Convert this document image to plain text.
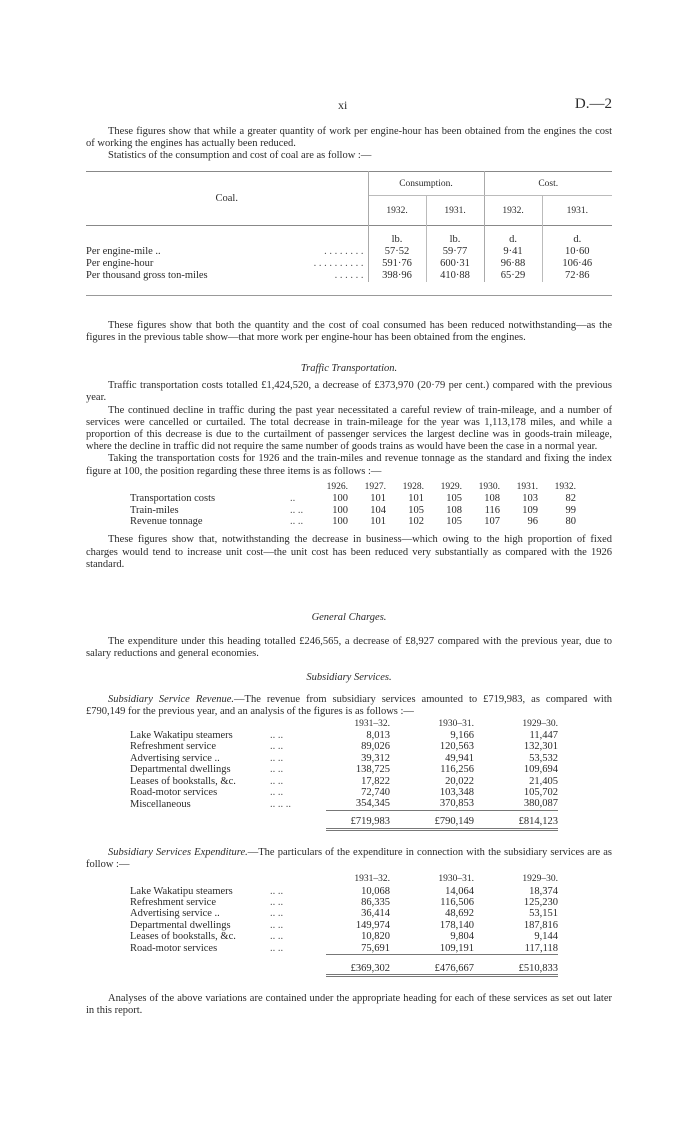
xi	D.—2

These figures show that while a greater quantity of work per engine-hour has been obtained from the engines the cost of working the engines has actually been reduced.

Statistics of the consumption and cost of coal are as follow :—

Coal.	Consumption.		Cost.	
	1932.	1931.	1932.	1931.
	lb.	lb.	d.	d.
Per engine-mile .. . . . . . . . .	57·52	59·77	9·41	10·60
Per engine-hour . . . . . . . . . .	591·76	600·31	96·88	106·46
Per thousand gross ton-miles . . . . . .	398·96	410·88	65·29	72·86

These figures show that both the quantity and the cost of coal consumed has been reduced notwithstanding—as the figures in the previous table show—that more work per engine-hour has been obtained from the engines.

Traffic Transportation.

Traffic transportation costs totalled £1,424,520, a decrease of £373,970 (20·79 per cent.) compared with the previous year.

The continued decline in traffic during the past year necessitated a careful review of train-mileage, and a number of services were cancelled or curtailed. The total decrease in train-mileage for the year was 1,113,178 miles, and while a proportion of this decrease is due to the curtailment of passenger services the largest decline was in goods-train mileage, where the decline in traffic did not require the same number of goods trains as would have been the case in a normal year.

Taking the transportation costs for 1926 and the train-miles and revenue tonnage as the standard and fixing the index figure at 100, the position regarding these three items is as follows :—

		1926.	1927.	1928.	1929.	1930.	1931.	1932.
Transportation costs	..	100	101	101	105	108	103	82
Train-miles	.. ..	100	104	105	108	116	109	99
Revenue tonnage	.. ..	100	101	102	105	107	96	80

These figures show that, notwithstanding the decrease in business—which owing to the high proportion of fixed charges would tend to increase unit cost—the unit cost has been reduced very substantially as compared with the 1926 standard.

General Charges.

The expenditure under this heading totalled £246,565, a decrease of £8,927 compared with the previous year, due to salary reductions and general economies.

Subsidiary Services.

Subsidiary Service Revenue.—The revenue from subsidiary services amounted to £719,983, as compared with £790,149 for the previous year, and an analysis of the figures is as follows :—

		1931–32.	1930–31.	1929–30.
Lake Wakatipu steamers	.. ..	8,013	9,166	11,447
Refreshment service	.. ..	89,026	120,563	132,301
Advertising service ..	.. ..	39,312	49,941	53,532
Departmental dwellings	.. ..	138,725	116,256	109,694
Leases of bookstalls, &c.	.. ..	17,822	20,022	21,405
Road-motor services	.. ..	72,740	103,348	105,702
Miscellaneous	.. .. ..	354,345	370,853	380,087

		£719,983	£790,149	£814,123

Subsidiary Services Expenditure.—The particulars of the expenditure in connection with the subsidiary services are as follow :—

		1931–32.	1930–31.	1929–30.
Lake Wakatipu steamers	.. ..	10,068	14,064	18,374
Refreshment service	.. ..	86,335	116,506	125,230
Advertising service ..	.. ..	36,414	48,692	53,151
Departmental dwellings	.. ..	149,974	178,140	187,816
Leases of bookstalls, &c.	.. ..	10,820	9,804	9,144
Road-motor services	.. ..	75,691	109,191	117,118

		£369,302	£476,667	£510,833

Analyses of the above variations are contained under the appropriate heading for each of these services as set out later in this report.
